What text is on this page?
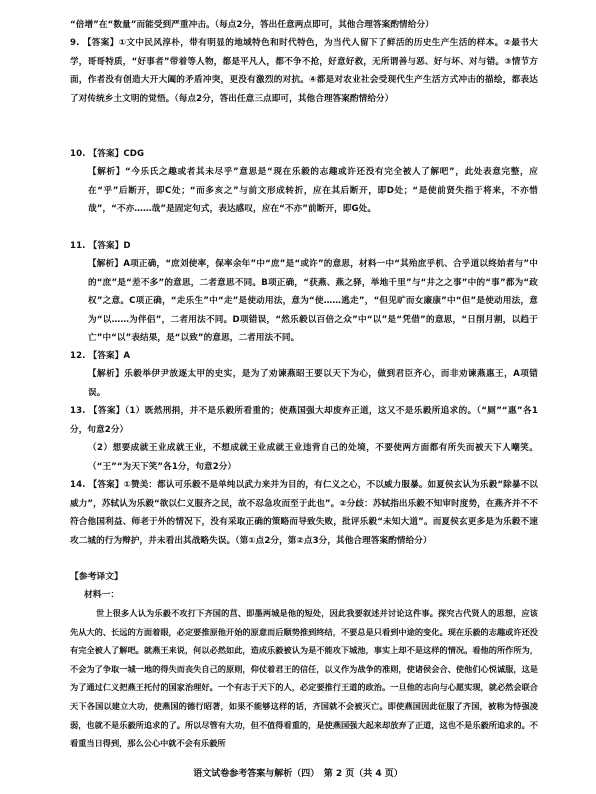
“倍增”在“数量”而能受到严重冲击。（每点2分，答出任意两点即可，其他合理答案酌情给分）

9. 【答案】①文中民风淳朴，带有明显的地域特色和时代特色，为当代人留下了鲜活的历史生产生活的样本。②最书大学，哥哥特质，“好事者”带着等人物，都是平凡人，都不争不抢，好意好救，无所谓善与恶、好与坏、对与错。③情节方面，作者没有创造大开大阖的矛盾冲突，更没有激烈的对抗。④都是对农业社会受现代生产生活方式冲击的描绘，都表达了对传统乡土文明的觉悟。（每点2分，答出任意三点即可，其他合理答案酌情给分）

10. 【答案】CDG

【解析】“今乐氏之趣或者其未尽乎”意思是“现在乐毅的志趣或许还没有完全被人了解吧”，此处表意完整，应在“乎”后断开，即C处；“而多亥之”与前文形成转折，应在其后断开，即D处；“是使前贤失指于将来，不亦惜哉”，“不亦……哉”是固定句式，表达感叹，应在“不亦”前断开，即G处。

11. 【答案】D

【解析】A项正确，“庶刘使率，保率余年”中“庶”是“或许”的意思，材料一中“其殆庶乎机、合乎道以终始者与”中的“庶”是“差不多”的意思，二者意思不同。B项正确，“获燕、燕之驿，举地千里”与“井之之事”中的“事”都为“政权”之意。C项正确，“走乐生”中“走”是使动用法，意为“使……逃走”，“但见旷而女廉康”中“但”是使动用法，意为“以……为伴侣”，二者用法不同。D项错误，“然乐毅以百倍之众”中“以”是“凭借”的意思，“日削月割，以趋于亡”中“以”表结果，是“以致”的意思，二者用法不同。

12. 【答案】A

【解析】乐毅举伊尹放逐太甲的史实，是为了劝谏燕昭王要以天下为心，做到君臣齐心，而非劝谏燕惠王，A项错误。

13. 【答案】（1）既然刑捐，并不是乐毅所看重的；使燕国强大却废弃正道，这又不是乐毅所追求的。（“厕”“惠”各1分，句意2分）

（2）想要成就王业成就王业，不想成就王业成就王业违背自己的处境，不要使两方面都有所失而被天下人嘲笑。（“王”“为天下笑”各1分，句意2分）

14. 【答案】①赞美：都认可乐毅不是单纯以武力来并为目的，有仁义之心，不以威力服暴。如夏侯玄认为乐毅“除暴不以威力”，苏轼认为乐毅“欲以仁义服齐之民，故不忍急攻而至于此也”。②分歧：苏轼指出乐毅不知审时度势，在燕齐并不不符合他国利益、师老于外的情况下，没有采取正确的策略而导致失败，批评乐毅“未知大道”。而夏侯玄更多是为乐毅不速攻二城的行为辩护，并未看出其战略失误。（第①点2分，第②点3分，其他合理答案酌情给分）

【参考译文】
材料一：

世上很多人认为乐毅不攻打下齐国的莒、即墨两城是他的短处，因此我要叙述并讨论这件事。探究古代贤人的思想，应该先从大的、长远的方面着眼，必定要推原他开始的原意而后顺势推到终结，不要总是只看到中途的变化。现在乐毅的志趣或许还没有完全被人了解吧。就燕王来说，何以必然如此，造成乐毅被认为是不能攻下城池，事实上却不是这样的情况。看他的所作所为，不会为了争取一城一地的得失而丧失自己的原则，仰仗着君王的信任，以义作为战争的准则，使诸侯会合、使他们心悦诚服，这是为了通过仁义把燕王托付的国家治理好。一个有志于天下的人，必定要推行王道的政治。一旦他的志向与心愿实现，就必然会联合天下各国以建立大功，使燕国的德行昭著，如果不能够这样的话，齐国就不会被灭亡。即使燕国因此征服了齐国，被称为恃强凌弱，也就不是乐毅所追求的了。所以尽管有大功，但不值得看重的，是使燕国强大起来却放弃了正道，这也不是乐毅所追求的。不看重当日得到，那么公心中就不会有乐毅所

语文试卷参考答案与解析（四）　第 2 页（共 4 页）
